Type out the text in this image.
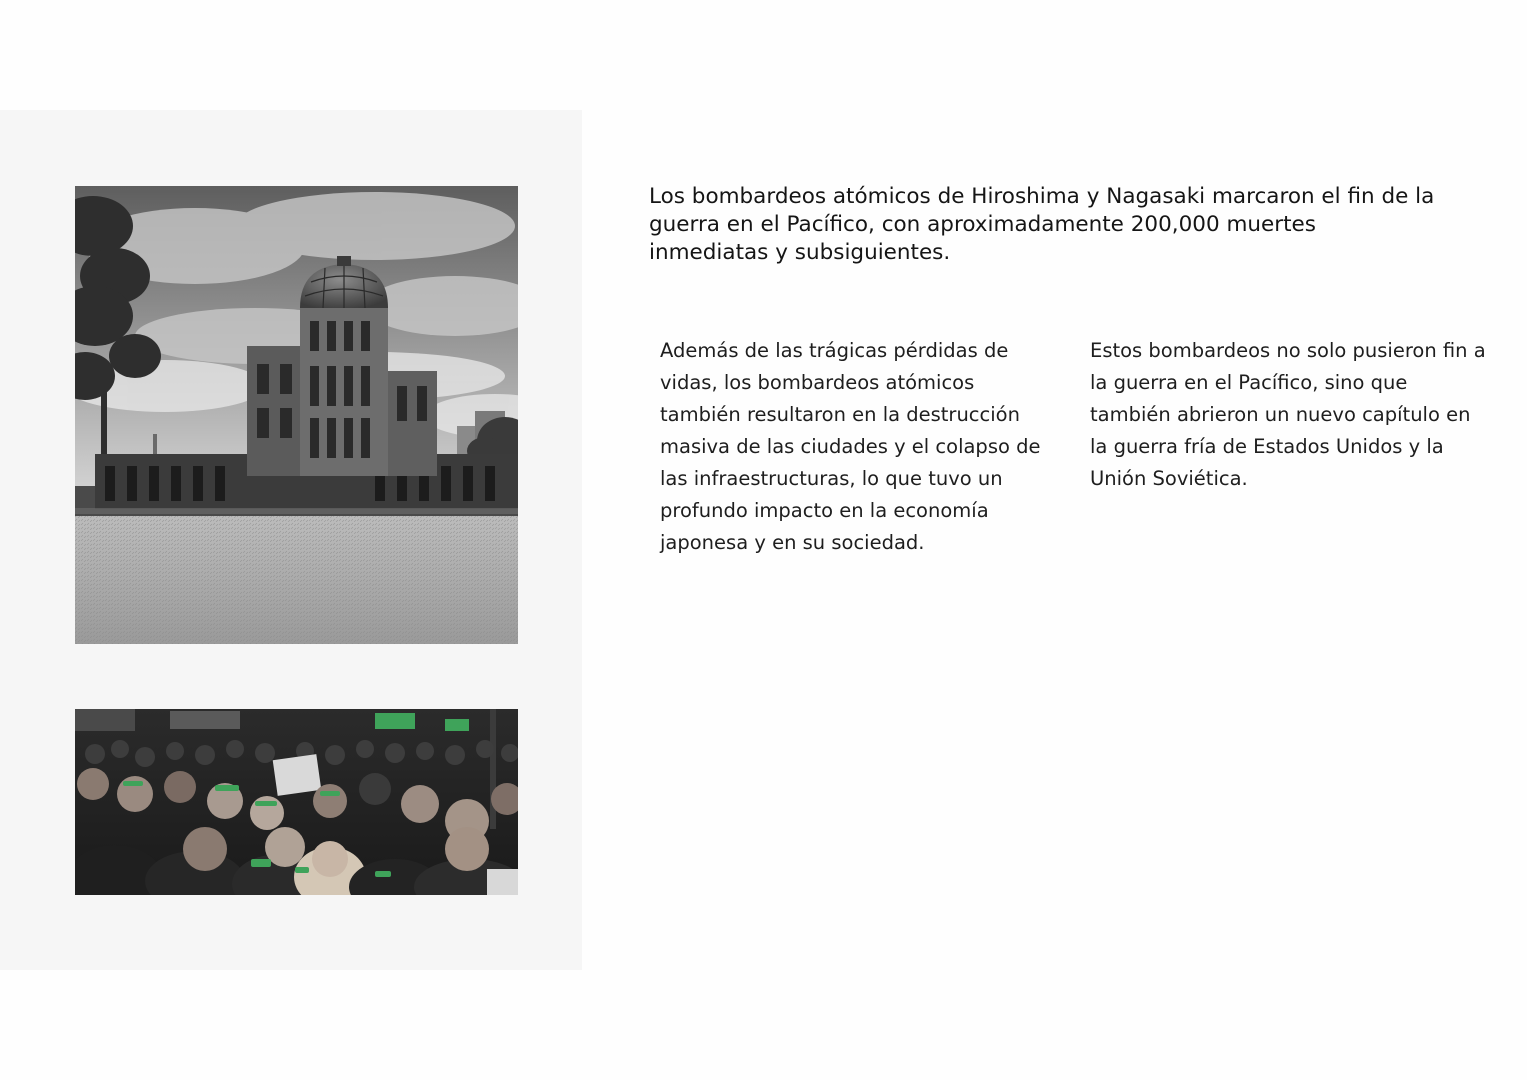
Los bombardeos atómicos de Hiroshima y Nagasaki marcaron el fin de la guerra en el Pacífico, con aproximadamente 200,000 muertes inmediatas y subsiguientes.

Además de las trágicas pérdidas de vidas, los bombardeos atómicos también resultaron en la destrucción masiva de las ciudades y el colapso de las infraestructuras, lo que tuvo un profundo impacto en la economía japonesa y en su sociedad.

Estos bombardeos no solo pusieron fin a la guerra en el Pacífico, sino que también abrieron un nuevo capítulo en la guerra fría de Estados Unidos y la Unión Soviética.
